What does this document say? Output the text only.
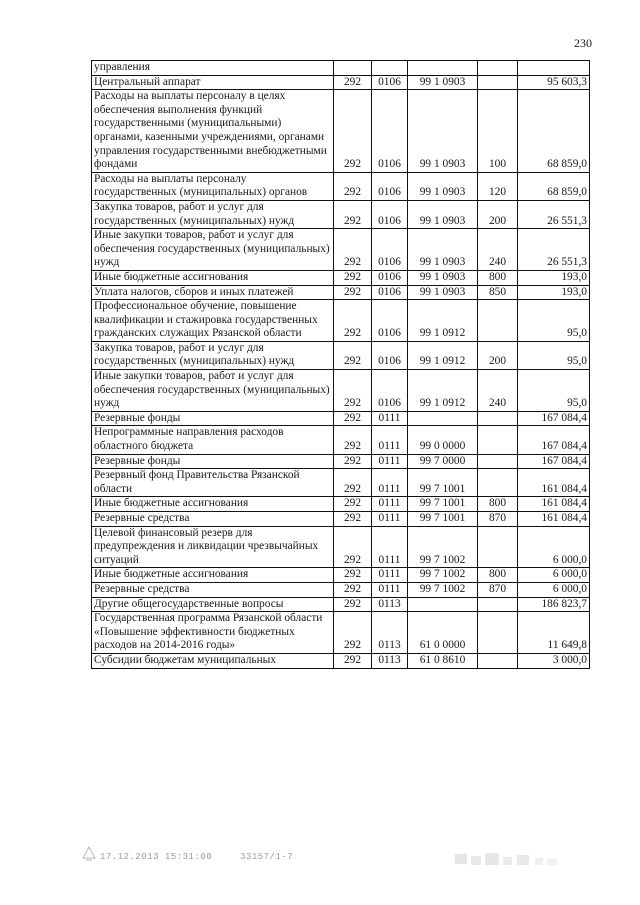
230
управления					
Центральный аппарат	292	0106	99 1 0903		95 603,3
Расходы на выплаты персоналу в целях обеспечения выполнения функций государственными (муниципальными) органами, казенными учреждениями, органами управления государственными внебюджетными фондами	292	0106	99 1 0903	100	68 859,0
Расходы на выплаты персоналу государственных (муниципальных) органов	292	0106	99 1 0903	120	68 859,0
Закупка товаров, работ и услуг для государственных (муниципальных) нужд	292	0106	99 1 0903	200	26 551,3
Иные закупки товаров, работ и услуг для обеспечения государственных (муниципальных) нужд	292	0106	99 1 0903	240	26 551,3
Иные бюджетные ассигнования	292	0106	99 1 0903	800	193,0
Уплата налогов, сборов и иных платежей	292	0106	99 1 0903	850	193,0
Профессиональное обучение, повышение квалификации и стажировка государственных гражданских служащих Рязанской области	292	0106	99 1 0912		95,0
Закупка товаров, работ и услуг для государственных (муниципальных) нужд	292	0106	99 1 0912	200	95,0
Иные закупки товаров, работ и услуг для обеспечения государственных (муниципальных) нужд	292	0106	99 1 0912	240	95,0
Резервные фонды	292	0111			167 084,4
Непрограммные направления расходов областного бюджета	292	0111	99 0 0000		167 084,4
Резервные фонды	292	0111	99 7 0000		167 084,4
Резервный фонд Правительства Рязанской области	292	0111	99 7 1001		161 084,4
Иные бюджетные ассигнования	292	0111	99 7 1001	800	161 084,4
Резервные средства	292	0111	99 7 1001	870	161 084,4
Целевой финансовый резерв для предупреждения и ликвидации чрезвычайных ситуаций	292	0111	99 7 1002		6 000,0
Иные бюджетные ассигнования	292	0111	99 7 1002	800	6 000,0
Резервные средства	292	0111	99 7 1002	870	6 000,0
Другие общегосударственные вопросы	292	0113			186 823,7
Государственная программа Рязанской области «Повышение эффективности бюджетных расходов на 2014-2016 годы»	292	0113	61 0 0000		11 649,8
Субсидии бюджетам муниципальных	292	0113	61 0 8610		3 000,0
17.12.2013 15:31:00	33157/1-7
